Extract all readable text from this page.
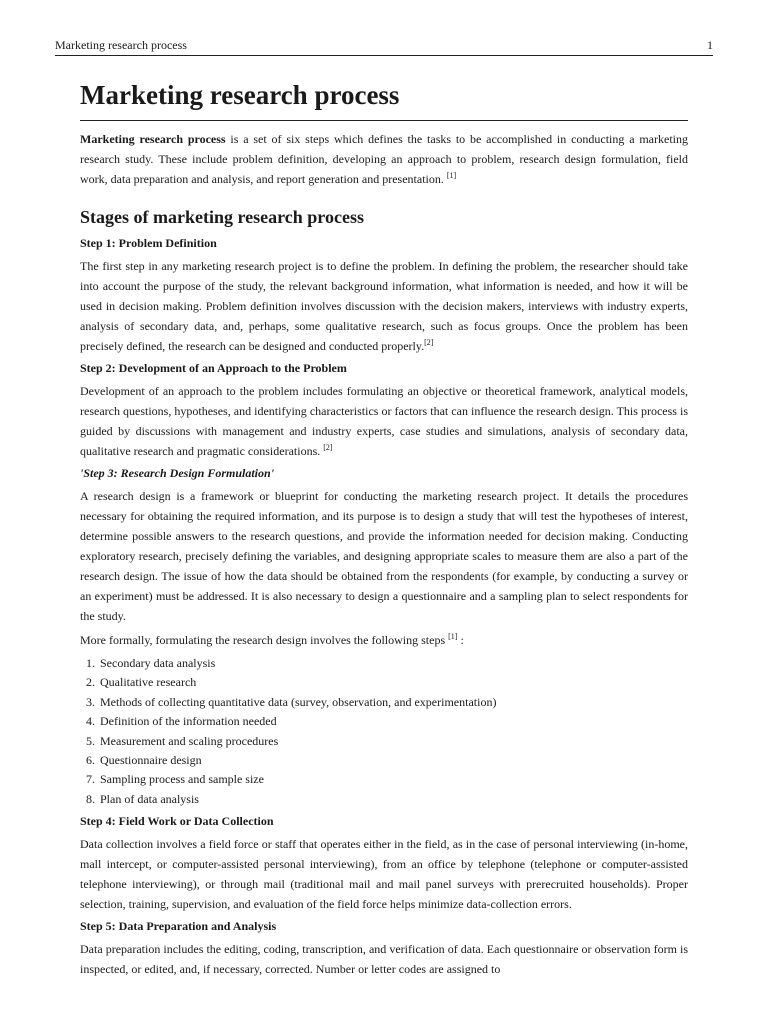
Marketing research process	1
Marketing research process

Marketing research process is a set of six steps which defines the tasks to be accomplished in conducting a marketing research study. These include problem definition, developing an approach to problem, research design formulation, field work, data preparation and analysis, and report generation and presentation. [1]

Stages of marketing research process
Step 1: Problem Definition

The first step in any marketing research project is to define the problem. In defining the problem, the researcher should take into account the purpose of the study, the relevant background information, what information is needed, and how it will be used in decision making. Problem definition involves discussion with the decision makers, interviews with industry experts, analysis of secondary data, and, perhaps, some qualitative research, such as focus groups. Once the problem has been precisely defined, the research can be designed and conducted properly.[2]

Step 2: Development of an Approach to the Problem

Development of an approach to the problem includes formulating an objective or theoretical framework, analytical models, research questions, hypotheses, and identifying characteristics or factors that can influence the research design. This process is guided by discussions with management and industry experts, case studies and simulations, analysis of secondary data, qualitative research and pragmatic considerations. [2]

'Step 3: Research Design Formulation'

A research design is a framework or blueprint for conducting the marketing research project. It details the procedures necessary for obtaining the required information, and its purpose is to design a study that will test the hypotheses of interest, determine possible answers to the research questions, and provide the information needed for decision making. Conducting exploratory research, precisely defining the variables, and designing appropriate scales to measure them are also a part of the research design. The issue of how the data should be obtained from the respondents (for example, by conducting a survey or an experiment) must be addressed. It is also necessary to design a questionnaire and a sampling plan to select respondents for the study.

More formally, formulating the research design involves the following steps [1] :

1. Secondary data analysis
2. Qualitative research
3. Methods of collecting quantitative data (survey, observation, and experimentation)
4. Definition of the information needed
5. Measurement and scaling procedures
6. Questionnaire design
7. Sampling process and sample size
8. Plan of data analysis
Step 4: Field Work or Data Collection

Data collection involves a field force or staff that operates either in the field, as in the case of personal interviewing (in-home, mall intercept, or computer-assisted personal interviewing), from an office by telephone (telephone or computer-assisted telephone interviewing), or through mail (traditional mail and mail panel surveys with prerecruited households). Proper selection, training, supervision, and evaluation of the field force helps minimize data-collection errors.

Step 5: Data Preparation and Analysis

Data preparation includes the editing, coding, transcription, and verification of data. Each questionnaire or observation form is inspected, or edited, and, if necessary, corrected. Number or letter codes are assigned to
